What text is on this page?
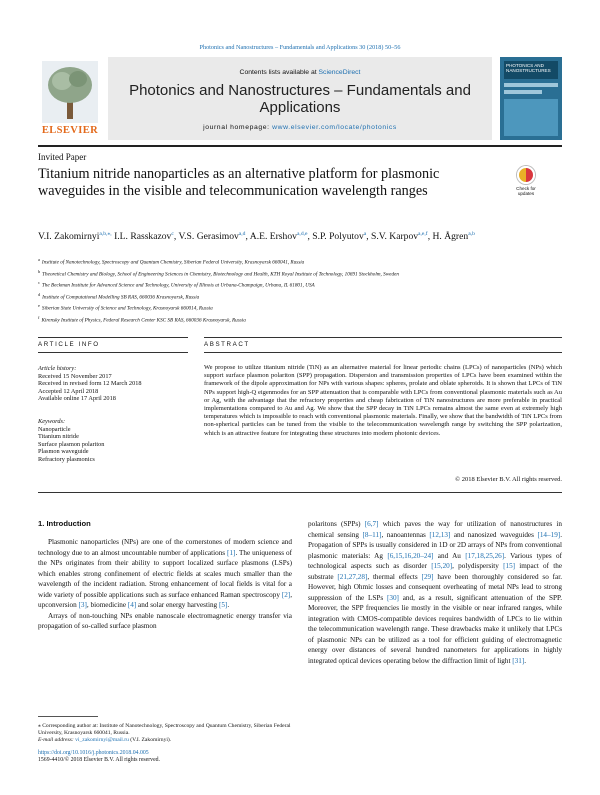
Photonics and Nanostructures – Fundamentals and Applications 30 (2018) 50–56
ELSEVIER
Contents lists available at ScienceDirect
Photonics and Nanostructures – Fundamentals and Applications
journal homepage: www.elsevier.com/locate/photonics
PHOTONICS AND NANOSTRUCTURES
Invited Paper
Titanium nitride nanoparticles as an alternative platform for plasmonic waveguides in the visible and telecommunication wavelength ranges	Check for updates
V.I. Zakomirnyi$^{a,b,⁎,}$ I.L. Rasskazov$^c$, V.S. Gerasimov$^{a,d}$, A.E. Ershov$^{a,d,e}$, S.P. Polyutov$^a$, S.V. Karpov$^{a,e,f}$, H. Ågren$^{a,b}$
$^a$Institute of Nanotechnology, Spectroscopy and Quantum Chemistry, Siberian Federal University, Krasnoyarsk 660041, Russia
$^b$Theoretical Chemistry and Biology, School of Engineering Sciences in Chemistry, Biotechnology and Health, KTH Royal Institute of Technology, 10691 Stockholm, Sweden
$^c$The Beckman Institute for Advanced Science and Technology, University of Illinois at Urbana-Champaign, Urbana, IL 61801, USA
$^d$Institute of Computational Modelling SB RAS, 660036 Krasnoyarsk, Russia
$^e$Siberian State University of Science and Technology, Krasnoyarsk 660014, Russia
$^f$Kirensky Institute of Physics, Federal Research Center KSC SB RAS, 660036 Krasnoyarsk, Russia
ARTICLE INFO	ABSTRACT
Article history:
Received 15 November 2017
Received in revised form 12 March 2018
Accepted 12 April 2018
Available online 17 April 2018
Keywords:
Nanoparticle
Titanium nitride
Surface plasmon polariton
Plasmon waveguide
Refractory plasmonics
We propose to utilize titanium nitride (TiN) as an alternative material for linear periodic chains (LPCs) of nanoparticles (NPs) which support surface plasmon polariton (SPP) propagation. Dispersion and transmission properties of LPCs have been examined within the framework of the dipole approximation for NPs with various shapes: spheres, prolate and oblate spheroids. It is shown that LPCs of TiN NPs support high-Q eigenmodes for an SPP attenuation that is comparable with LPCs from conventional plasmonic materials such as Au or Ag, with the advantage that the refractory properties and cheap fabrication of TiN nanostructures are more preferable in practical implementations compared to Au and Ag. We show that the SPP decay in TiN LPCs remains almost the same even at extremely high temperatures which is impossible to reach with conventional plasmonic materials. Finally, we show that the bandwidth of TiN LPCs from non-spherical particles can be tuned from the visible to the telecommunication wavelength range by switching the SPP polarization, which is an attractive feature for integrating these structures into modern photonic devices.
© 2018 Elsevier B.V. All rights reserved.
1. Introduction

Plasmonic nanoparticles (NPs) are one of the cornerstones of modern science and technology due to an almost uncountable number of applications [1]. The uniqueness of the NPs originates from their ability to support localized surface plasmons (LSPs) which enables strong confinement of electric fields at scales much smaller than the wavelength of the incident radiation. Strong enhancement of local fields is vital for a wide variety of possible applications such as surface enhanced Raman spectroscopy [2], upconversion [3], biomedicine [4] and solar energy harvesting [5].

Arrays of non-touching NPs enable nanoscale electromagnetic energy transfer via propagation of so-called surface plasmon

⁎ Corresponding author at: Institute of Nanotechnology, Spectroscopy and Quantum Chemistry, Siberian Federal University, Krasnoyarsk 660041, Russia.
E-mail address: vi_zakomirnyi@mail.ru (V.I. Zakomirnyi).

polaritons (SPPs) [6,7] which paves the way for utilization of nanostructures in chemical sensing [8–11], nanoantennas [12,13] and nanosized waveguides [14–19]. Propagation of SPPs is usually considered in 1D or 2D arrays of NPs from conventional plasmonic materials: Ag [6,15,16,20–24] and Au [17,18,25,26]. Various types of technological aspects such as disorder [15,20], polydispersity [15] impact of the substrate [21,27,28], thermal effects [29] have been thoroughly considered so far. However, high Ohmic losses and consequent overheating of metal NPs lead to strong suppression of the LSPs [30] and, as a result, significant attenuation of the SPP. Moreover, the SPP frequencies lie mostly in the visible or near infrared ranges, while integration with CMOS-compatible devices requires bandwidth of LPCs to lie within the telecommunication wavelength range. These drawbacks make it unlikely that LPCs of plasmonic NPs can be utilized as a tool for efficient guiding of electromagnetic energy over distances of several hundred nanometers for applications in highly integrated optical devices operating below the diffraction limit of light [31].

https://doi.org/10.1016/j.photonics.2018.04.005
1569-4410/© 2018 Elsevier B.V. All rights reserved.
